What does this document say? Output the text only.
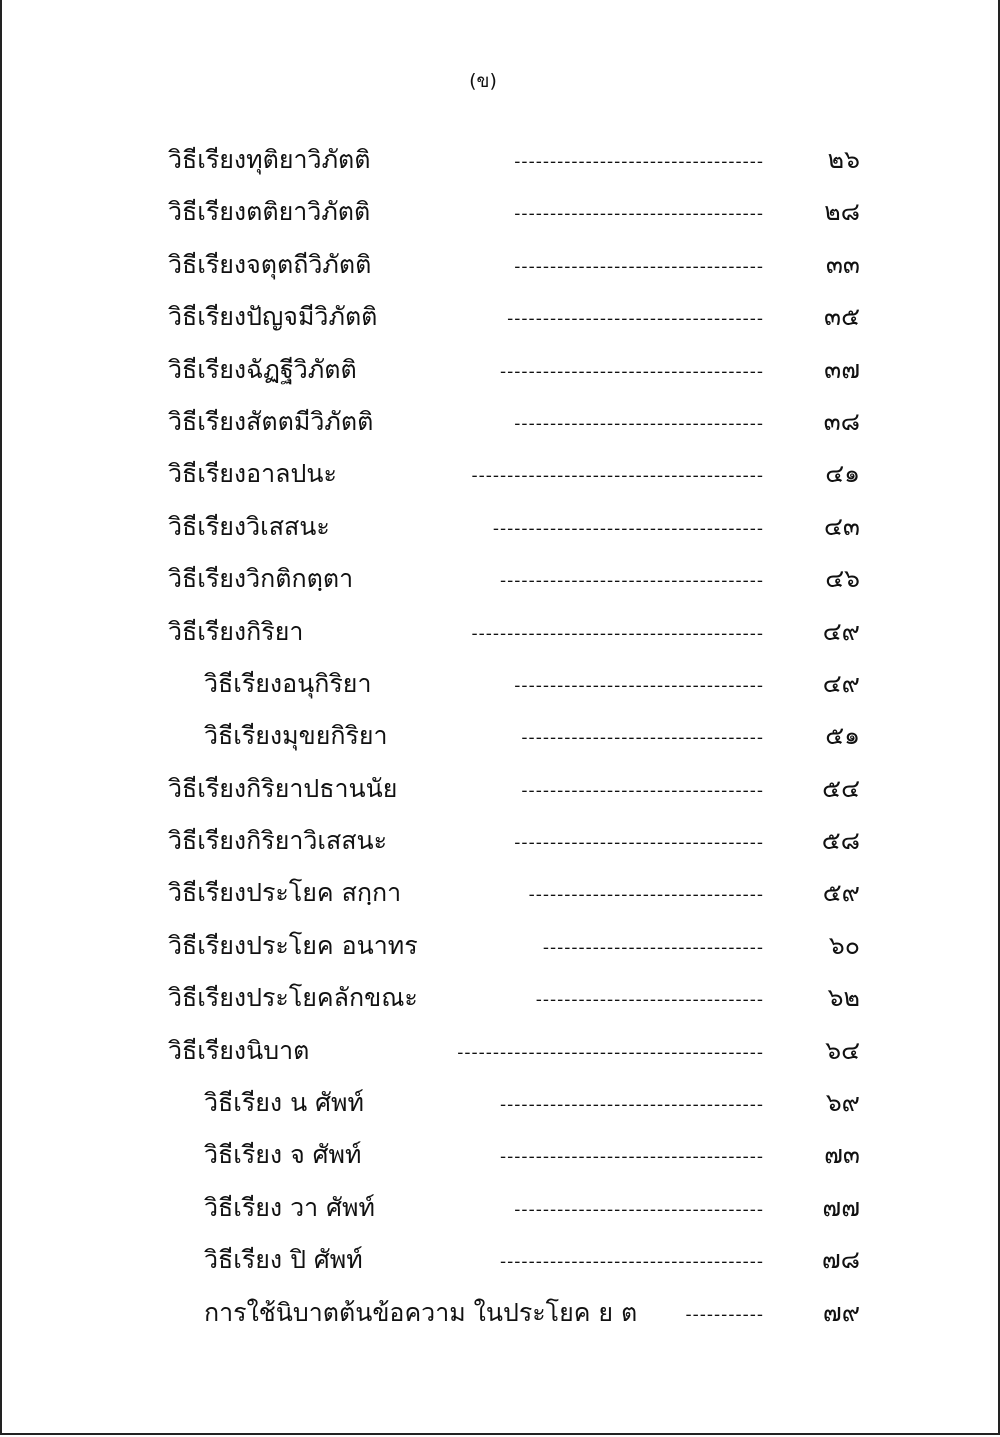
(ข)
วิธีเรียงทุติยาวิภัตติ	-----------------------------------	๒๖
วิธีเรียงตติยาวิภัตติ	-----------------------------------	๒๘
วิธีเรียงจตุตถีวิภัตติ	-----------------------------------	๓๓
วิธีเรียงปัญจมีวิภัตติ	------------------------------------	๓๕
วิธีเรียงฉัฏฐีวิภัตติ	-------------------------------------	๓๗
วิธีเรียงสัตตมีวิภัตติ	-----------------------------------	๓๘
วิธีเรียงอาลปนะ	-----------------------------------------	๔๑
วิธีเรียงวิเสสนะ	--------------------------------------	๔๓
วิธีเรียงวิกติกตฺตา	-------------------------------------	๔๖
วิธีเรียงกิริยา	-----------------------------------------	๔๙
วิธีเรียงอนุกิริยา	-----------------------------------	๔๙
วิธีเรียงมุขยกิริยา	----------------------------------	๕๑
วิธีเรียงกิริยาปธานนัย	----------------------------------	๕๔
วิธีเรียงกิริยาวิเสสนะ	-----------------------------------	๕๘
วิธีเรียงประโยค สกฺกา	---------------------------------	๕๙
วิธีเรียงประโยค อนาทร	-------------------------------	๖๐
วิธีเรียงประโยคลักขณะ	--------------------------------	๖๒
วิธีเรียงนิบาต	-------------------------------------------	๖๔
วิธีเรียง น ศัพท์	-------------------------------------	๖๙
วิธีเรียง จ ศัพท์	-------------------------------------	๗๓
วิธีเรียง วา ศัพท์	-----------------------------------	๗๗
วิธีเรียง ปิ ศัพท์	-------------------------------------	๗๘
การใช้นิบาตต้นข้อความ ในประโยค ย ต	-----------	๗๙
